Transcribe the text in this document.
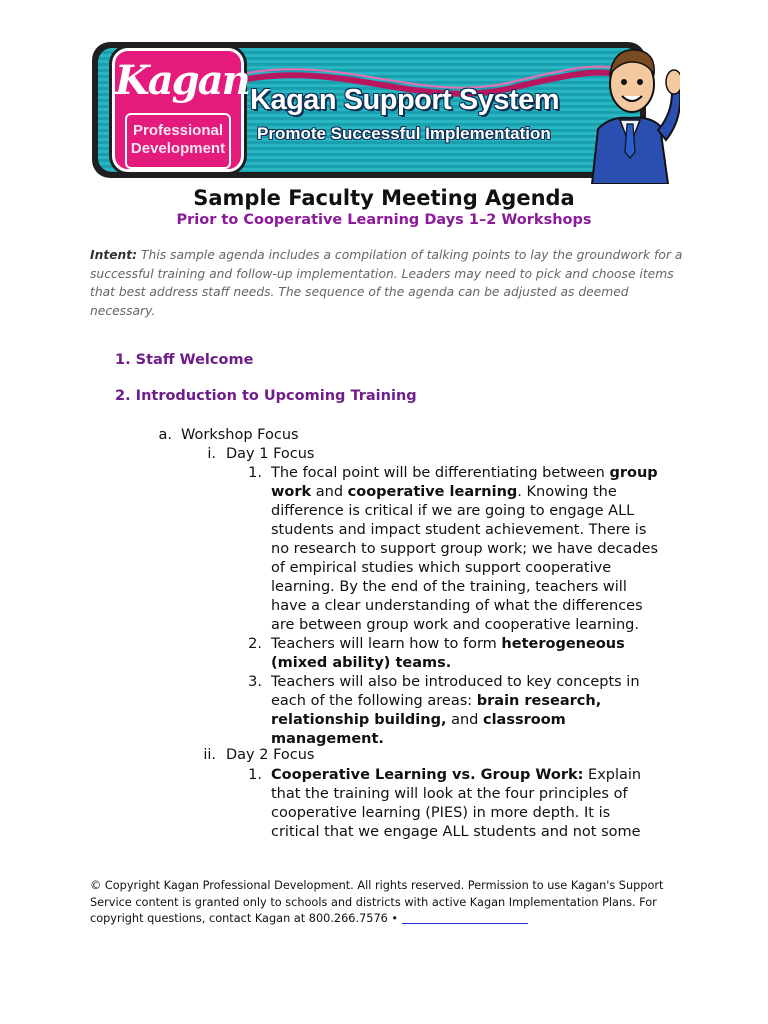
Kagan
Professional
Development
Kagan Support System
Promote Successful Implementation
Sample Faculty Meeting Agenda
Prior to Cooperative Learning Days 1–2 Workshops
Intent: This sample agenda includes a compilation of talking points to lay the groundwork for a successful training and follow-up implementation. Leaders may need to pick and choose items that best address staff needs. The sequence of the agenda can be adjusted as deemed necessary.
1. Staff Welcome
2. Introduction to Upcoming Training
a. Workshop Focus
i. Day 1 Focus
1. The focal point will be differentiating between group
work and cooperative learning. Knowing the
difference is critical if we are going to engage ALL
students and impact student achievement. There is
no research to support group work; we have decades
of empirical studies which support cooperative
learning. By the end of the training, teachers will
have a clear understanding of what the differences
are between group work and cooperative learning.
2. Teachers will learn how to form heterogeneous
(mixed ability) teams.
3. Teachers will also be introduced to key concepts in
each of the following areas: brain research,
relationship building, and classroom
management.
ii. Day 2 Focus
1. Cooperative Learning vs. Group Work: Explain
that the training will look at the four principles of
cooperative learning (PIES) in more depth. It is
critical that we engage ALL students and not some
© Copyright Kagan Professional Development. All rights reserved. Permission to use Kagan's Support Service content is granted only to schools and districts with active Kagan Implementation Plans. For copyright questions, contact Kagan at 800.266.7576 •
